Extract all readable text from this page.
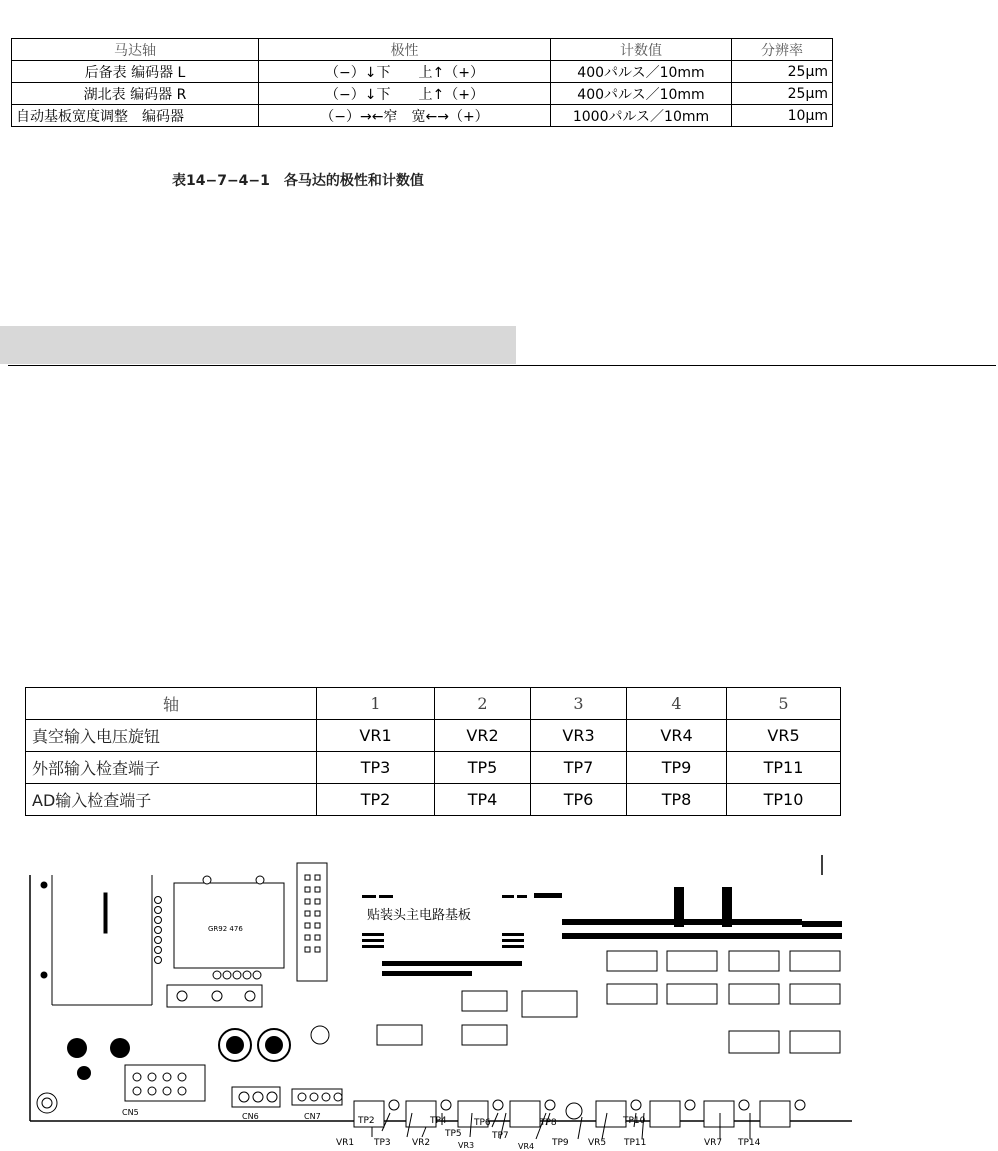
马达轴	极性	计数值	分辨率
后备表 编码器 L	（−）↓下　　上↑（+）	400パルス／10mm	25μm
湖北表 编码器 R	（−）↓下　　上↑（+）	400パルス／10mm	25μm
自动基板宽度调整　编码器	（−）→←窄　宽←→（+）	1000パルス／10mm	10μm
表14−7−4−1　各马达的极性和计数值
轴	1	2	3	4	5
真空输入电压旋钮	VR1	VR2	VR3	VR4	VR5
外部输入检查端子	TP3	TP5	TP7	TP9	TP11
AD输入检查端子	TP2	TP4	TP6	TP8	TP10
GR92 476
贴装头主电路基板
CN5	CN6	CN7	TP2	TP4
TP5
TP6	TP8	TP10
VR1 TP3 VR2	VR3
TP7
VR4 TP9 VR5 TP11	VR7 TP14
